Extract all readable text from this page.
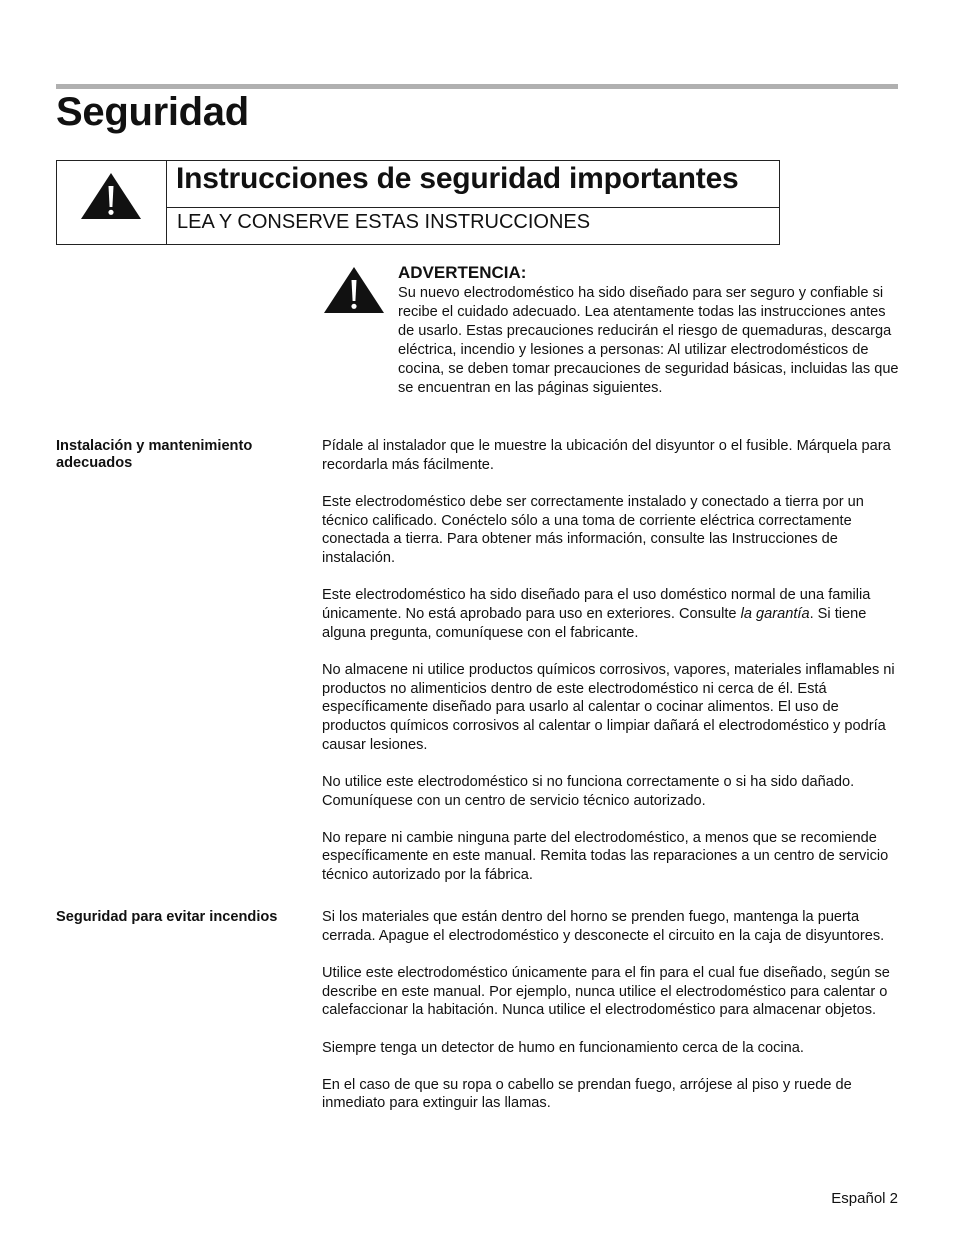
Seguridad
Instrucciones de seguridad importantes
LEA Y CONSERVE ESTAS INSTRUCCIONES
ADVERTENCIA:

Su nuevo electrodoméstico ha sido diseñado para ser seguro y confiable si recibe el cuidado adecuado. Lea atentamente todas las instrucciones antes de usarlo. Estas precauciones reducirán el riesgo de quemaduras, descarga eléctrica, incendio y lesiones a personas: Al utilizar electrodomésticos de cocina, se deben tomar precauciones de seguridad básicas, incluidas las que se encuentran en las páginas siguientes.

Instalación y mantenimiento adecuados

Pídale al instalador que le muestre la ubicación del disyuntor o el fusible. Márquela para recordarla más fácilmente.

Este electrodoméstico debe ser correctamente instalado y conectado a tierra por un técnico calificado. Conéctelo sólo a una toma de corriente eléctrica correctamente conectada a tierra. Para obtener más información, consulte las Instrucciones de instalación.

Este electrodoméstico ha sido diseñado para el uso doméstico normal de una familia únicamente. No está aprobado para uso en exteriores. Consulte la garantía. Si tiene alguna pregunta, comuníquese con el fabricante.

No almacene ni utilice productos químicos corrosivos, vapores, materiales inflamables ni productos no alimenticios dentro de este electrodoméstico ni cerca de él. Está específicamente diseñado para usarlo al calentar o cocinar alimentos. El uso de productos químicos corrosivos al calentar o limpiar dañará el electrodoméstico y podría causar lesiones.

No utilice este electrodoméstico si no funciona correctamente o si ha sido dañado. Comuníquese con un centro de servicio técnico autorizado.

No repare ni cambie ninguna parte del electrodoméstico, a menos que se recomiende específicamente en este manual. Remita todas las reparaciones a un centro de servicio técnico autorizado por la fábrica.

Seguridad para evitar incendios	Si los materiales que están dentro del horno se prenden fuego, mantenga la puerta cerrada. Apague el electrodoméstico y desconecte el circuito en la caja de disyuntores.

Utilice este electrodoméstico únicamente para el fin para el cual fue diseñado, según se describe en este manual. Por ejemplo, nunca utilice el electrodoméstico para calentar o calefaccionar la habitación. Nunca utilice el electrodoméstico para almacenar objetos.

Siempre tenga un detector de humo en funcionamiento cerca de la cocina.

En el caso de que su ropa o cabello se prendan fuego, arrójese al piso y ruede de inmediato para extinguir las llamas.

Español 2
